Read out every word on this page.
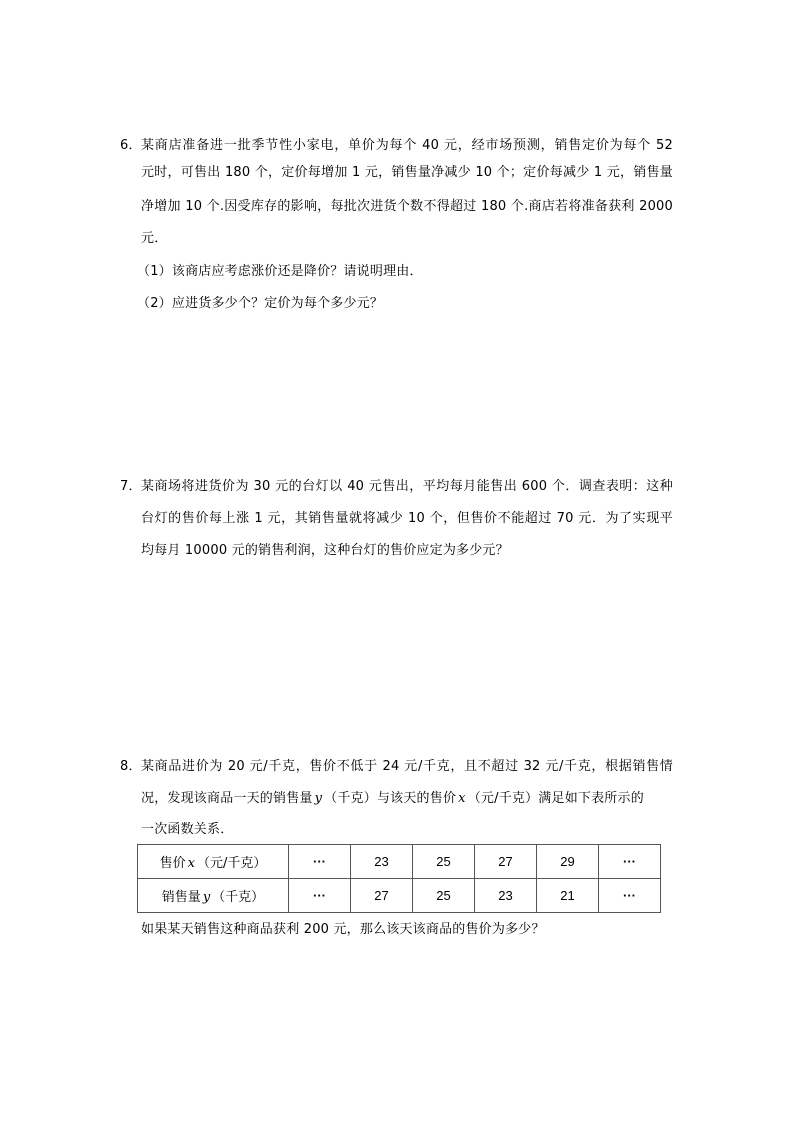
6． 某商店准备进一批季节性小家电，单价为每个 40 元，经市场预测，销售定价为每个 52
元时，可售出 180 个，定价每增加 1 元，销售量净减少 10 个；定价每减少 1 元，销售量
净增加 10 个.因受库存的影响，每批次进货个数不得超过 180 个.商店若将准备获利 2000
元．
（1）该商店应考虑涨价还是降价？请说明理由．
（2）应进货多少个？定价为每个多少元？
7． 某商场将进货价为 30 元的台灯以 40 元售出，平均每月能售出 600 个．调查表明：这种
台灯的售价每上涨 1 元，其销售量就将减少 10 个，但售价不能超过 70 元．为了实现平
均每月 10000 元的销售利润，这种台灯的售价应定为多少元？
8． 某商品进价为 20 元/千克，售价不低于 24 元/千克，且不超过 32 元/千克，根据销售情
况，发现该商品一天的销售量 y （千克）与该天的售价 x （元/千克）满足如下表所示的
一次函数关系．
售价 x （元/千克）	···	23	25	27	29	···
销售量 y （千克）	···	27	25	23	21	···
如果某天销售这种商品获利 200 元，那么该天该商品的售价为多少？
